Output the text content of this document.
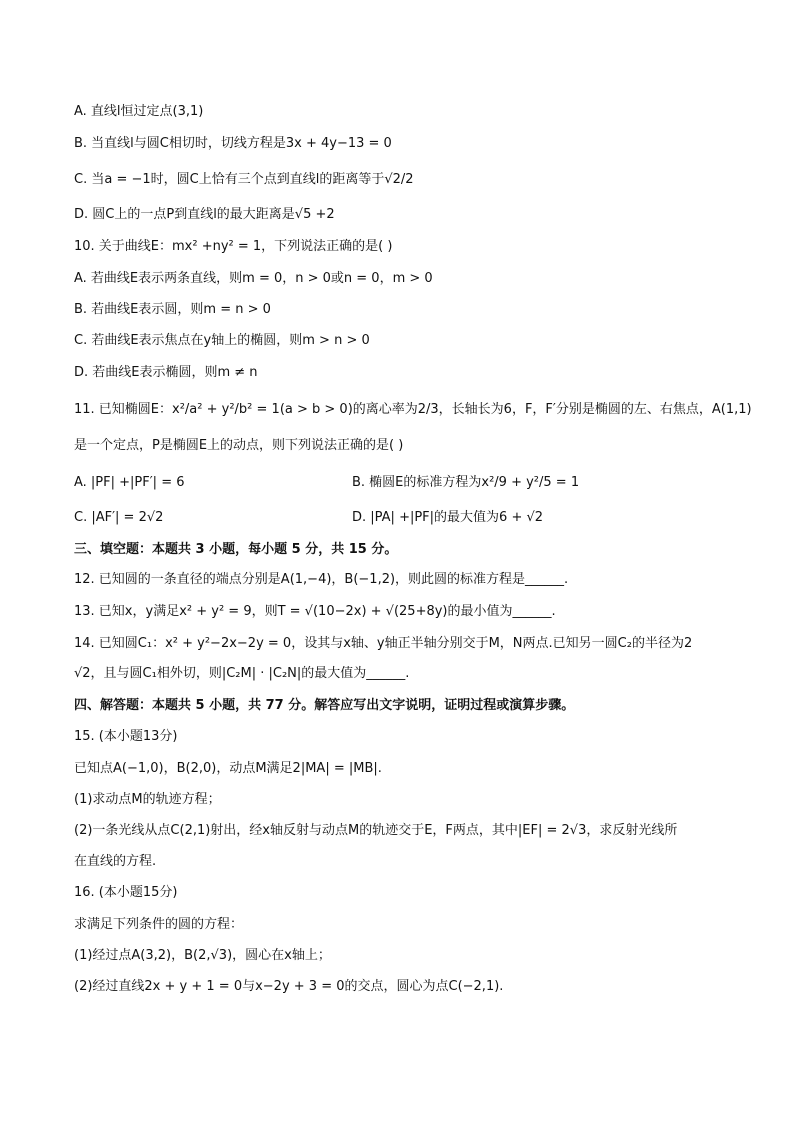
A. 直线l恒过定点(3,1)
B. 当直线l与圆C相切时，切线方程是3x + 4y−13 = 0
C. 当a = −1时，圆C上恰有三个点到直线l的距离等于√2/2
D. 圆C上的一点P到直线l的最大距离是√5 +2
10. 关于曲线E：mx² +ny² = 1，下列说法正确的是( )
A. 若曲线E表示两条直线，则m = 0，n > 0或n = 0，m > 0
B. 若曲线E表示圆，则m = n > 0
C. 若曲线E表示焦点在y轴上的椭圆，则m > n > 0
D. 若曲线E表示椭圆，则m ≠ n
11. 已知椭圆E：x²/a² + y²/b² = 1(a > b > 0)的离心率为2/3，长轴长为6，F，F′分别是椭圆的左、右焦点，A(1,1)
是一个定点，P是椭圆E上的动点，则下列说法正确的是( )
A. |PF| +|PF′| = 6	B. 椭圆E的标准方程为x²/9 + y²/5 = 1
C. |AF′| = 2√2	D. |PA| +|PF|的最大值为6 + √2
三、填空题：本题共 3 小题，每小题 5 分，共 15 分。
12. 已知圆的一条直径的端点分别是A(1,−4)，B(−1,2)，则此圆的标准方程是______.
13. 已知x，y满足x² + y² = 9，则T = √(10−2x) + √(25+8y)的最小值为______.
14. 已知圆C₁：x² + y²−2x−2y = 0，设其与x轴、y轴正半轴分别交于M，N两点.已知另一圆C₂的半径为2
√2，且与圆C₁相外切，则|C₂M| · |C₂N|的最大值为______.
四、解答题：本题共 5 小题，共 77 分。解答应写出文字说明，证明过程或演算步骤。
15. (本小题13分)
已知点A(−1,0)，B(2,0)，动点M满足2|MA| = |MB|.
(1)求动点M的轨迹方程；
(2)一条光线从点C(2,1)射出，经x轴反射与动点M的轨迹交于E，F两点，其中|EF| = 2√3，求反射光线所
在直线的方程.
16. (本小题15分)
求满足下列条件的圆的方程：
(1)经过点A(3,2)，B(2,√3)，圆心在x轴上；
(2)经过直线2x + y + 1 = 0与x−2y + 3 = 0的交点，圆心为点C(−2,1).
